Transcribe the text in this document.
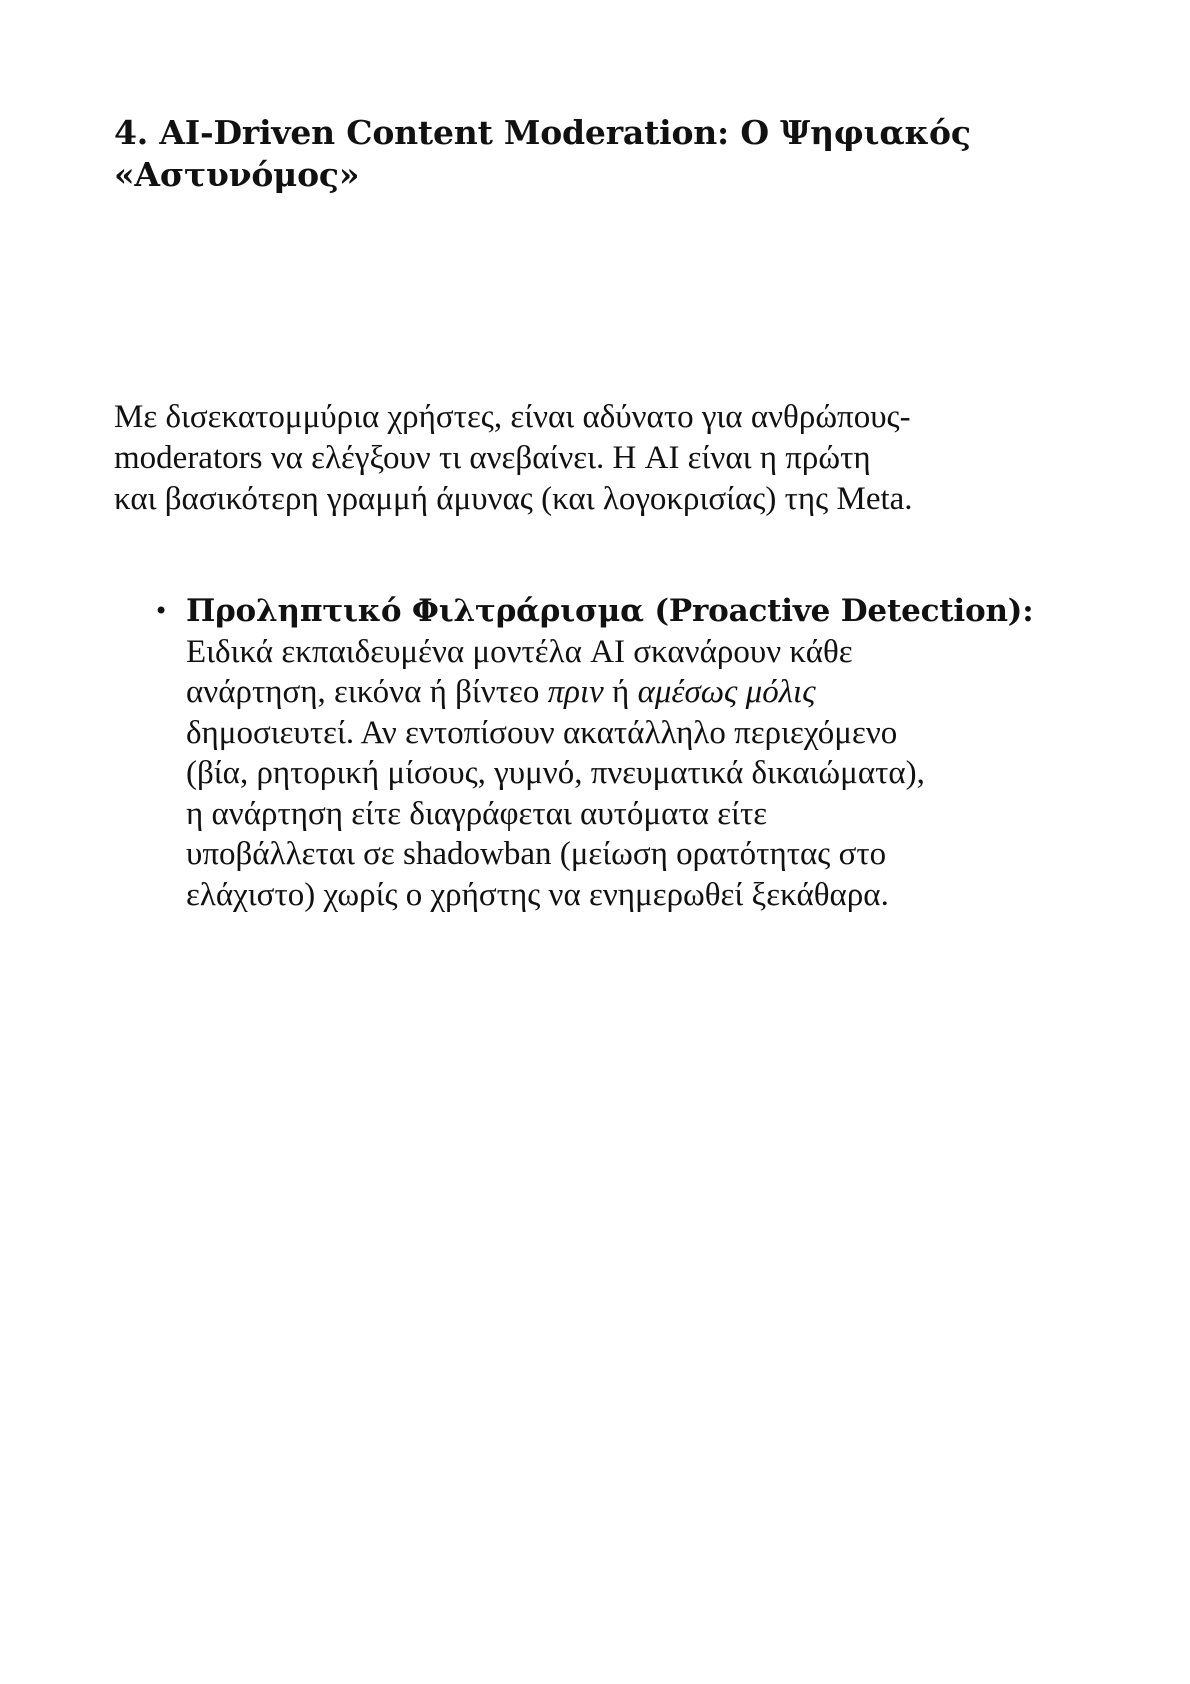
4. AI-Driven Content Moderation: Ο Ψηφιακός
«Αστυνόμος»

Με δισεκατομμύρια χρήστες, είναι αδύνατο για ανθρώπους-
moderators να ελέγξουν τι ανεβαίνει. Η AI είναι η πρώτη
και βασικότερη γραμμή άμυνας (και λογοκρισίας) της Meta.

• Προληπτικό Φιλτράρισμα (Proactive Detection):
Ειδικά εκπαιδευμένα μοντέλα AI σκανάρουν κάθε
ανάρτηση, εικόνα ή βίντεο πριν ή αμέσως μόλις
δημοσιευτεί. Αν εντοπίσουν ακατάλληλο περιεχόμενο
(βία, ρητορική μίσους, γυμνό, πνευματικά δικαιώματα),
η ανάρτηση είτε διαγράφεται αυτόματα είτε
υποβάλλεται σε shadowban (μείωση ορατότητας στο
ελάχιστο) χωρίς ο χρήστης να ενημερωθεί ξεκάθαρα.
